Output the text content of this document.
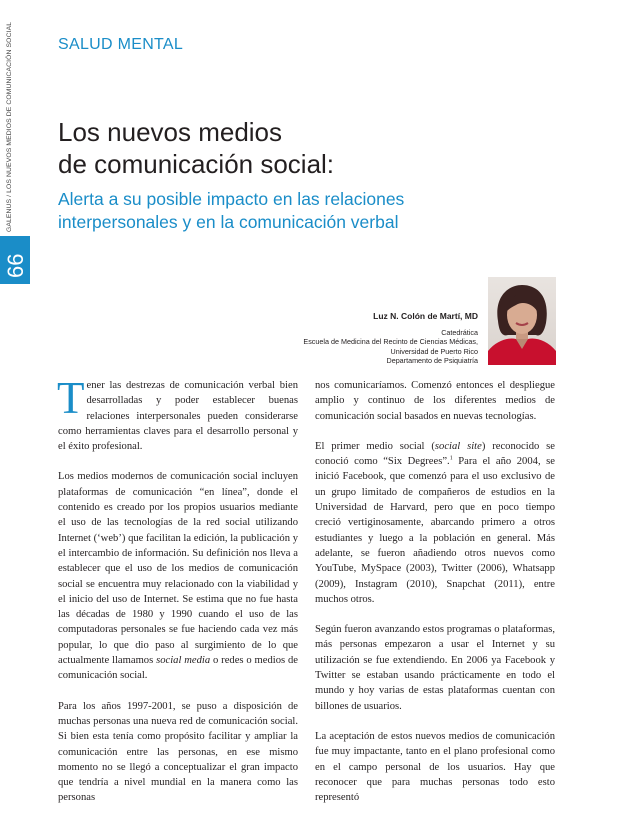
GALENUS / LOS NUEVOS MEDIOS DE COMUNICACIÓN SOCIAL
66
SALUD MENTAL
Los nuevos medios
de comunicación social:
Alerta a su posible impacto en las relaciones
interpersonales y en la comunicación verbal
Luz N. Colón de Martí, MD
Catedrática
Escuela de Medicina del Recinto de Ciencias Médicas,
Universidad de Puerto Rico
Departamento de Psiquiatría

Tener las destrezas de comunicación verbal bien desarrolladas y poder establecer buenas relaciones interpersonales pueden considerarse como herramientas claves para el desarrollo personal y el éxito profesional.

Los medios modernos de comunicación social incluyen plataformas de comunicación “en línea”, donde el contenido es creado por los propios usuarios mediante el uso de las tecnologías de la red social utilizando Internet (‘web’) que facilitan la edición, la publicación y el intercambio de información. Su definición nos lleva a establecer que el uso de los medios de comunicación social se encuentra muy relacionado con la viabilidad y el inicio del uso de Internet. Se estima que no fue hasta las décadas de 1980 y 1990 cuando el uso de las computadoras personales se fue haciendo cada vez más popular, lo que dio paso al surgimiento de lo que actualmente llamamos social media o redes o medios de comunicación social.

Para los años 1997-2001, se puso a disposición de muchas personas una nueva red de comunicación social. Si bien esta tenía como propósito facilitar y ampliar la comunicación entre las personas, en ese mismo momento no se llegó a conceptualizar el gran impacto que tendría a nivel mundial en la manera como las personas

nos comunicaríamos. Comenzó entonces el despliegue amplio y continuo de los diferentes medios de comunicación social basados en nuevas tecnologías.

El primer medio social (social site) reconocido se conoció como “Six Degrees”.$^1$ Para el año 2004, se inició Facebook, que comenzó para el uso exclusivo de un grupo limitado de compañeros de estudios en la Universidad de Harvard, pero que en poco tiempo creció vertiginosamente, abarcando primero a otros estudiantes y luego a la población en general. Más adelante, se fueron añadiendo otros nuevos como YouTube, MySpace (2003), Twitter (2006), Whatsapp (2009), Instagram (2010), Snapchat (2011), entre muchos otros.

Según fueron avanzando estos programas o plataformas, más personas empezaron a usar el Internet y su utilización se fue extendiendo. En 2006 ya Facebook y Twitter se estaban usando prácticamente en todo el mundo y hoy varias de estas plataformas cuentan con billones de usuarios.

La aceptación de estos nuevos medios de comunicación fue muy impactante, tanto en el plano profesional como en el campo personal de los usuarios. Hay que reconocer que para muchas personas todo esto representó
